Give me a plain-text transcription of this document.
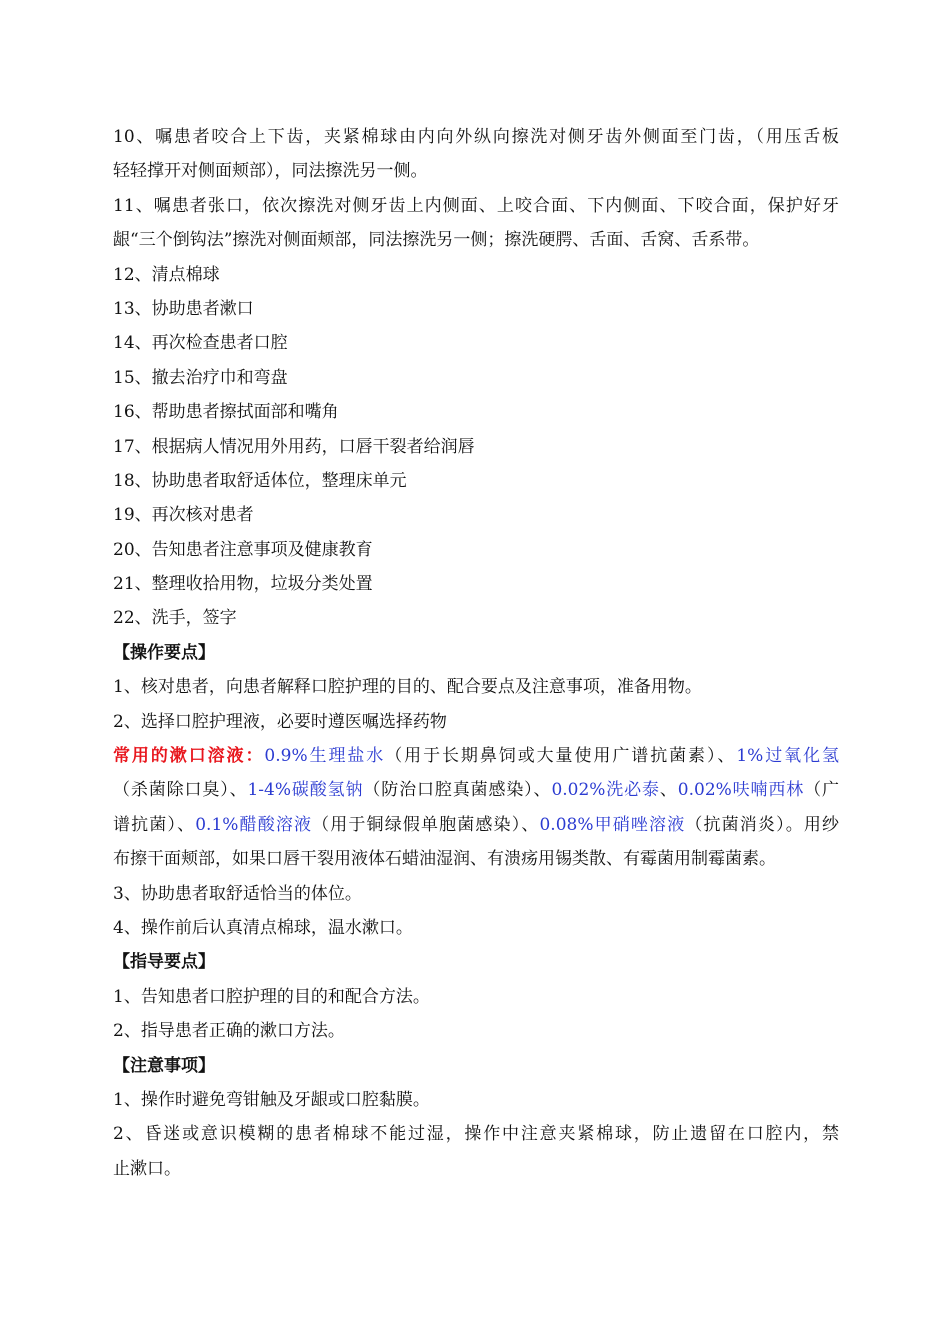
10、嘱患者咬合上下齿，夹紧棉球由内向外纵向擦洗对侧牙齿外侧面至门齿，（用压舌板
轻轻撑开对侧面颊部），同法擦洗另一侧。
11、嘱患者张口，依次擦洗对侧牙齿上内侧面、上咬合面、下内侧面、下咬合面，保护好牙
龈“三个倒钩法”擦洗对侧面颊部，同法擦洗另一侧；擦洗硬腭、舌面、舌窝、舌系带。
12、清点棉球
13、协助患者漱口
14、再次检查患者口腔
15、撤去治疗巾和弯盘
16、帮助患者擦拭面部和嘴角
17、根据病人情况用外用药，口唇干裂者给润唇
18、协助患者取舒适体位，整理床单元
19、再次核对患者
20、告知患者注意事项及健康教育
21、整理收拾用物，垃圾分类处置
22、洗手，签字
【操作要点】
1、核对患者，向患者解释口腔护理的目的、配合要点及注意事项，准备用物。
2、选择口腔护理液，必要时遵医嘱选择药物
常用的漱口溶液：0.9%生理盐水（用于长期鼻饲或大量使用广谱抗菌素）、1%过氧化氢
（杀菌除口臭）、1-4%碳酸氢钠（防治口腔真菌感染）、0.02%洗必泰、0.02%呋喃西林（广
谱抗菌）、0.1%醋酸溶液（用于铜绿假单胞菌感染）、0.08%甲硝唑溶液（抗菌消炎）。用纱
布擦干面颊部，如果口唇干裂用液体石蜡油湿润、有溃疡用锡类散、有霉菌用制霉菌素。
3、协助患者取舒适恰当的体位。
4、操作前后认真清点棉球，温水漱口。
【指导要点】
1、告知患者口腔护理的目的和配合方法。
2、指导患者正确的漱口方法。
【注意事项】
1、操作时避免弯钳触及牙龈或口腔黏膜。
2、昏迷或意识模糊的患者棉球不能过湿，操作中注意夹紧棉球，防止遗留在口腔内，禁
止漱口。
